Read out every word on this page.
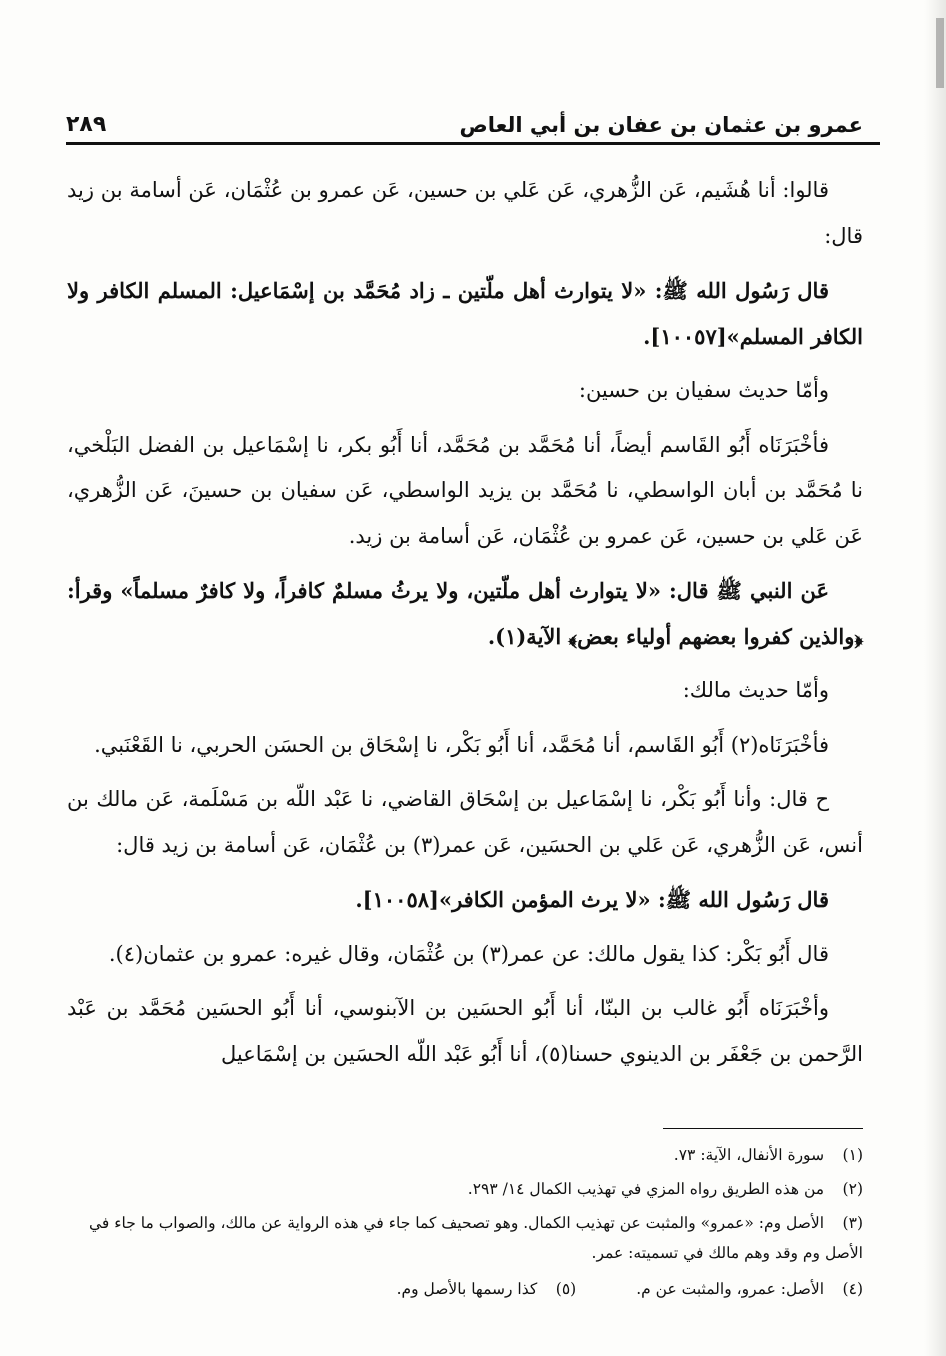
عمرو بن عثمان بن عفان بن أبي العاص
٢٨٩

قالوا: أنا هُشَيم، عَن الزُّهري، عَن عَلي بن حسين، عَن عمرو بن عُثْمَان، عَن أسامة بن زيد قال:

قال رَسُول الله ﷺ: «لا يتوارث أهل ملّتين ـ زاد مُحَمَّد بن إسْمَاعيل: المسلم الكافر ولا الكافر المسلم»[١٠٠٥٧].

وأمّا حديث سفيان بن حسين:

فأخْبَرَنَاه أَبُو القَاسم أيضاً، أنا مُحَمَّد بن مُحَمَّد، أنا أَبُو بكر، نا إسْمَاعيل بن الفضل البَلْخي، نا مُحَمَّد بن أبان الواسطي، نا مُحَمَّد بن يزيد الواسطي، عَن سفيان بن حسينَ، عَن الزُّهري، عَن عَلي بن حسين، عَن عمرو بن عُثْمَان، عَن أسامة بن زيد.

عَن النبي ﷺ قال: «لا يتوارث أهل ملّتين، ولا يرثُ مسلمٌ كافراً، ولا كافرٌ مسلماً» وقرأ: ﴿والذين كفروا بعضهم أولياء بعض﴾ الآية(١).

وأمّا حديث مالك:

فأخْبَرَنَاه(٢) أَبُو القَاسم، أنا مُحَمَّد، أنا أَبُو بَكْر، نا إسْحَاق بن الحسَن الحربي، نا القَعْنَبي.

ح قال: وأنا أَبُو بَكْر، نا إسْمَاعيل بن إسْحَاق القاضي، نا عَبْد اللّه بن مَسْلَمة، عَن مالك بن أنس، عَن الزُّهري، عَن عَلي بن الحسَين، عَن عمر(٣) بن عُثْمَان، عَن أسامة بن زيد قال:

قال رَسُول الله ﷺ: «لا يرث المؤمن الكافر»[١٠٠٥٨].

قال أَبُو بَكْر: كذا يقول مالك: عن عمر(٣) بن عُثْمَان، وقال غيره: عمرو بن عثمان(٤).

وأخْبَرَنَاه أَبُو غالب بن البنّا، أنا أَبُو الحسَين بن الآبنوسي، أنا أَبُو الحسَين مُحَمَّد بن عَبْد الرَّحمن بن جَعْفَر بن الدينوي حسنا(٥)، أنا أَبُو عَبْد اللّه الحسَين بن إسْمَاعيل

(١) سورة الأنفال، الآية: ٧٣.
(٢) من هذه الطريق رواه المزي في تهذيب الكمال ١٤/ ٢٩٣.
(٣) الأصل وم: «عمرو» والمثبت عن تهذيب الكمال. وهو تصحيف كما جاء في هذه الرواية عن مالك، والصواب ما جاء في الأصل وم وقد وهم مالك في تسميته: عمر.
(٤) الأصل: عمرو، والمثبت عن م.
(٥) كذا رسمها بالأصل وم.
